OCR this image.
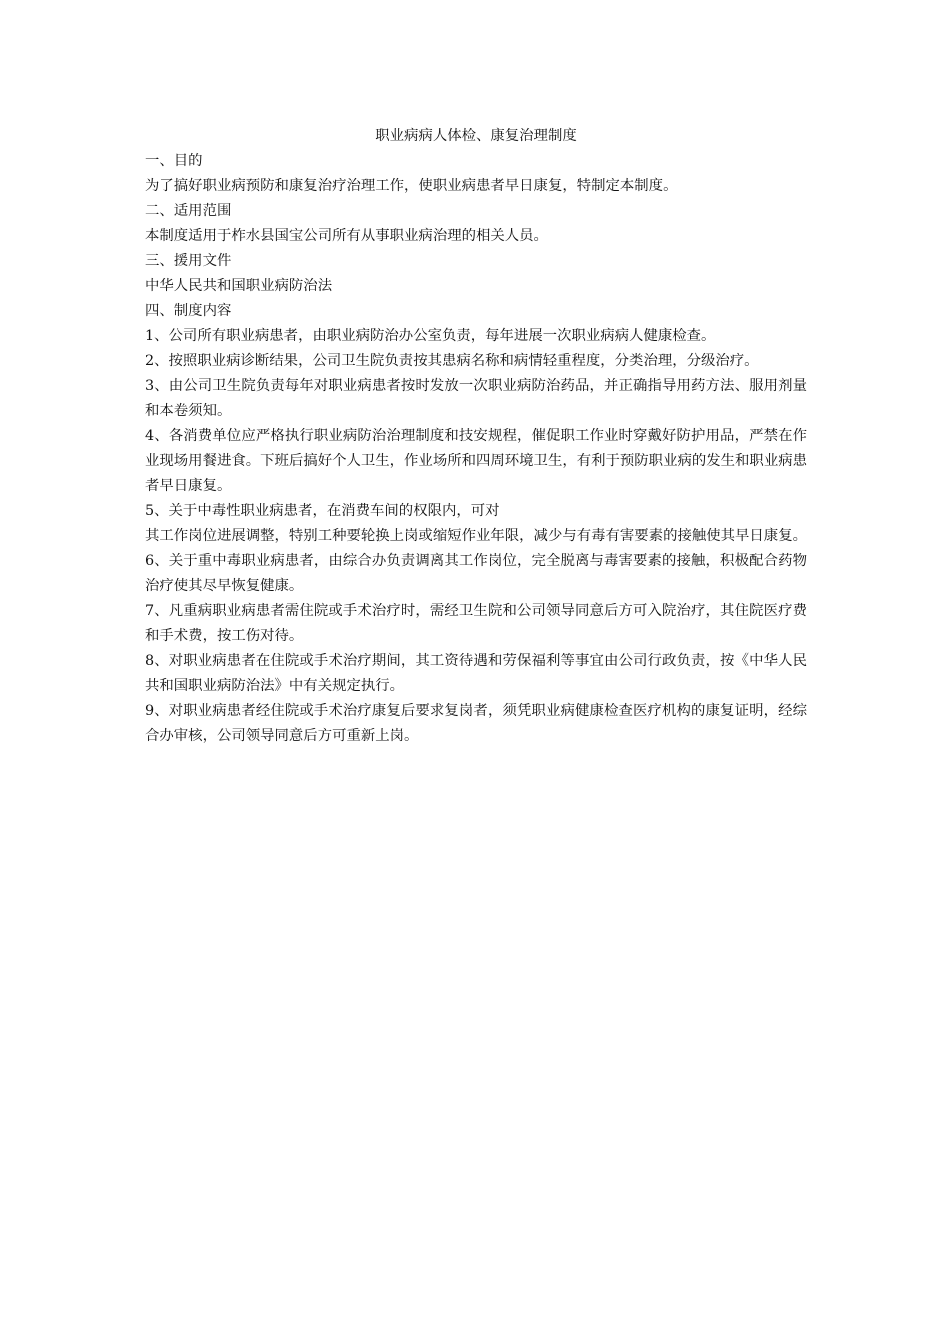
职业病病人体检、康复治理制度

一、目的

为了搞好职业病预防和康复治疗治理工作，使职业病患者早日康复，特制定本制度。

二、适用范围

本制度适用于柞水县国宝公司所有从事职业病治理的相关人员。

三、援用文件

中华人民共和国职业病防治法

四、制度内容

1、公司所有职业病患者，由职业病防治办公室负责，每年进展一次职业病病人健康检查。

2、按照职业病诊断结果，公司卫生院负责按其患病名称和病情轻重程度，分类治理，分级治疗。

3、由公司卫生院负责每年对职业病患者按时发放一次职业病防治药品，并正确指导用药方法、服用剂量和本卷须知。

4、各消费单位应严格执行职业病防治治理制度和技安规程，催促职工作业时穿戴好防护用品，严禁在作业现场用餐进食。下班后搞好个人卫生，作业场所和四周环境卫生，有利于预防职业病的发生和职业病患者早日康复。

5、关于中毒性职业病患者，在消费车间的权限内，可对

其工作岗位进展调整，特别工种要轮换上岗或缩短作业年限，减少与有毒有害要素的接触使其早日康复。

6、关于重中毒职业病患者，由综合办负责调离其工作岗位，完全脱离与毒害要素的接触，积极配合药物治疗使其尽早恢复健康。

7、凡重病职业病患者需住院或手术治疗时，需经卫生院和公司领导同意后方可入院治疗，其住院医疗费和手术费，按工伤对待。

8、对职业病患者在住院或手术治疗期间，其工资待遇和劳保福利等事宜由公司行政负责，按《中华人民共和国职业病防治法》中有关规定执行。

9、对职业病患者经住院或手术治疗康复后要求复岗者，须凭职业病健康检查医疗机构的康复证明，经综合办审核，公司领导同意后方可重新上岗。
